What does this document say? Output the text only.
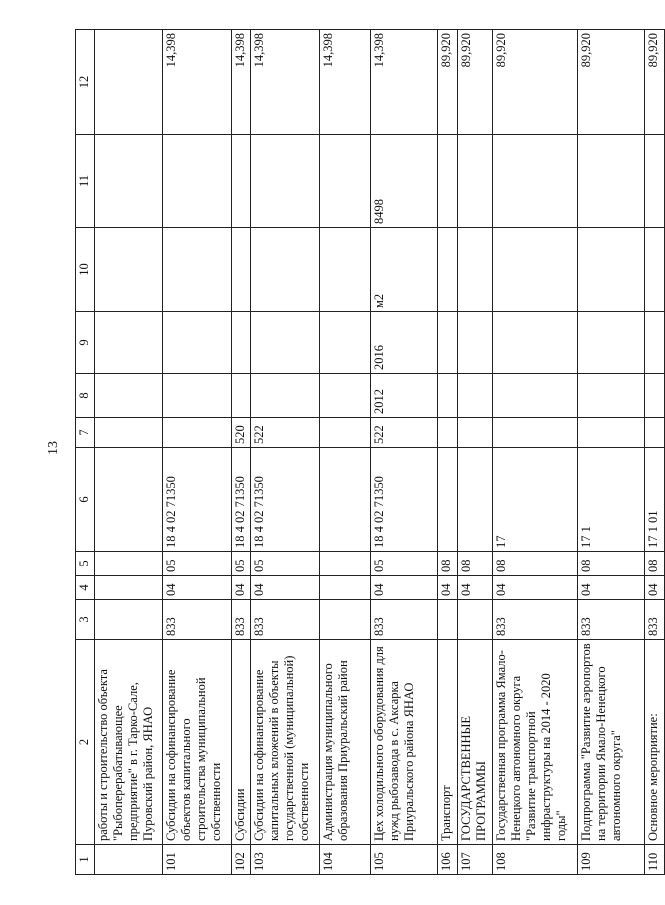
13
1	2	3	4	5	6	7	8	9	10	11	12
	работы и строительство объекта "Рыбоперерабатывающее предприятие" в г. Тарко-Сале, Пуровский район, ЯНАО										
101	Субсидии на софинансирование объектов капитального строительства муниципальной собственности	833	04	05	18 4 02 71350						14,398
102	Субсидии	833	04	05	18 4 02 71350	520					14,398
103	Субсидии на софинансирование капитальных вложений в объекты государственной (муниципальной) собственности	833	04	05	18 4 02 71350	522					14,398
104	Администрация муниципального образования Приуральский район										14,398
105	Цех холодильного оборудования для нужд рыбозавода в с. Аксарка Приуральского района ЯНАО	833	04	05	18 4 02 71350	522	2012	2016	м2	8498	14,398
106	Транспорт		04	08							89,920
107	ГОСУДАРСТВЕННЫЕ ПРОГРАММЫ		04	08							89,920
108	Государственная программа Ямало-Ненецкого автономного округа "Развитие транспортной инфраструктуры на 2014 - 2020 годы"	833	04	08	17						89,920
109	Подпрограмма "Развитие аэропортов на территории Ямало-Ненецкого автономного округа"	833	04	08	17 1						89,920
110	Основное мероприятие:	833	04	08	17 1 01						89,920
